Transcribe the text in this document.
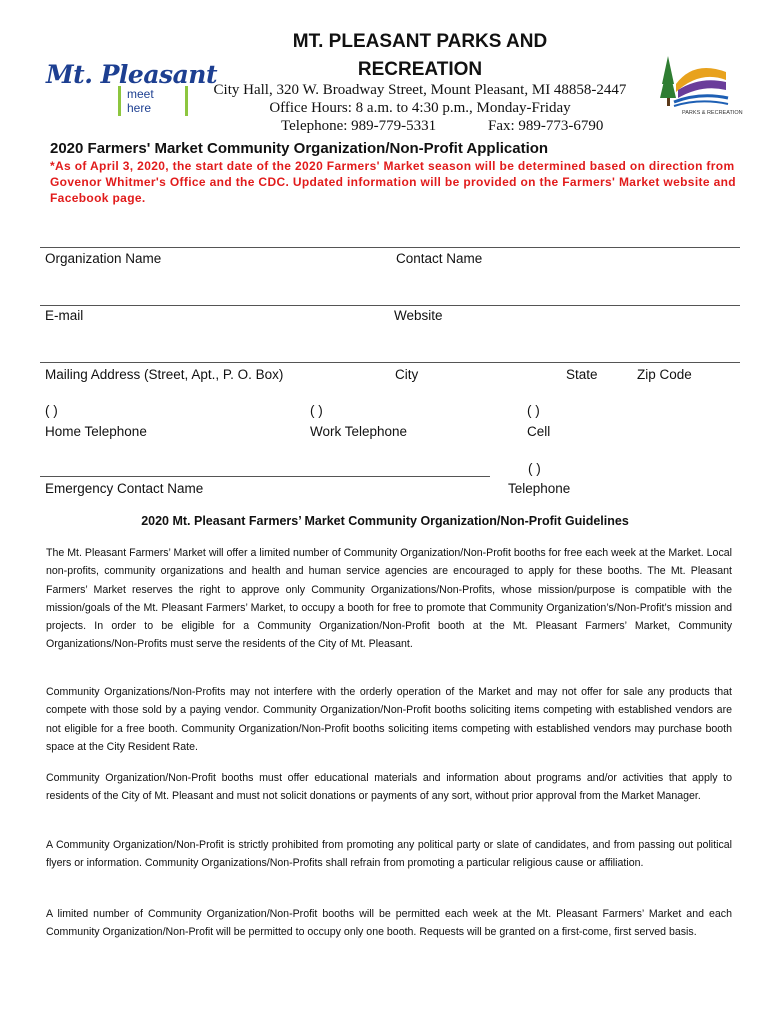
Mt. Pleasant
meet here
MT. PLEASANT PARKS AND
RECREATION
City Hall, 320 W. Broadway Street, Mount Pleasant, MI 48858-2447
Office Hours: 8 a.m. to 4:30 p.m., Monday-Friday
Telephone: 989-779-5331	Fax: 989-773-6790
PARKS & RECREATION
2020 Farmers' Market Community Organization/Non-Profit Application
*As of April 3, 2020, the start date of the 2020 Farmers' Market season will be determined based on direction from Govenor Whitmer's Office and the CDC. Updated information will be provided on the Farmers' Market website and Facebook page.
Organization Name	Contact Name
E-mail	Website
Mailing Address (Street, Apt., P. O. Box)	City	State	Zip Code
( )	( )	( )
Home Telephone	Work Telephone	Cell
( )
Emergency Contact Name	Telephone
2020 Mt. Pleasant Farmers’ Market Community Organization/Non-Profit Guidelines
The Mt. Pleasant Farmers’ Market will offer a limited number of Community Organization/Non-Profit booths for free each week at the Market. Local non-profits, community organizations and health and human service agencies are encouraged to apply for these booths. The Mt. Pleasant Farmers’ Market reserves the right to approve only Community Organizations/Non-Profits, whose mission/purpose is compatible with the mission/goals of the Mt. Pleasant Farmers’ Market, to occupy a booth for free to promote that Community Organization’s/Non-Profit’s mission and projects. In order to be eligible for a Community Organization/Non-Profit booth at the Mt. Pleasant Farmers’ Market, Community Organizations/Non-Profits must serve the residents of the City of Mt. Pleasant.
Community Organizations/Non-Profits may not interfere with the orderly operation of the Market and may not offer for sale any products that compete with those sold by a paying vendor. Community Organization/Non-Profit booths soliciting items competing with established vendors are not eligible for a free booth. Community Organization/Non-Profit booths soliciting items competing with established vendors may purchase booth space at the City Resident Rate.
Community Organization/Non-Profit booths must offer educational materials and information about programs and/or activities that apply to residents of the City of Mt. Pleasant and must not solicit donations or payments of any sort, without prior approval from the Market Manager.
A Community Organization/Non-Profit is strictly prohibited from promoting any political party or slate of candidates, and from passing out political flyers or information. Community Organizations/Non-Profits shall refrain from promoting a particular religious cause or affiliation.
A limited number of Community Organization/Non-Profit booths will be permitted each week at the Mt. Pleasant Farmers’ Market and each Community Organization/Non-Profit will be permitted to occupy only one booth. Requests will be granted on a first-come, first served basis.
